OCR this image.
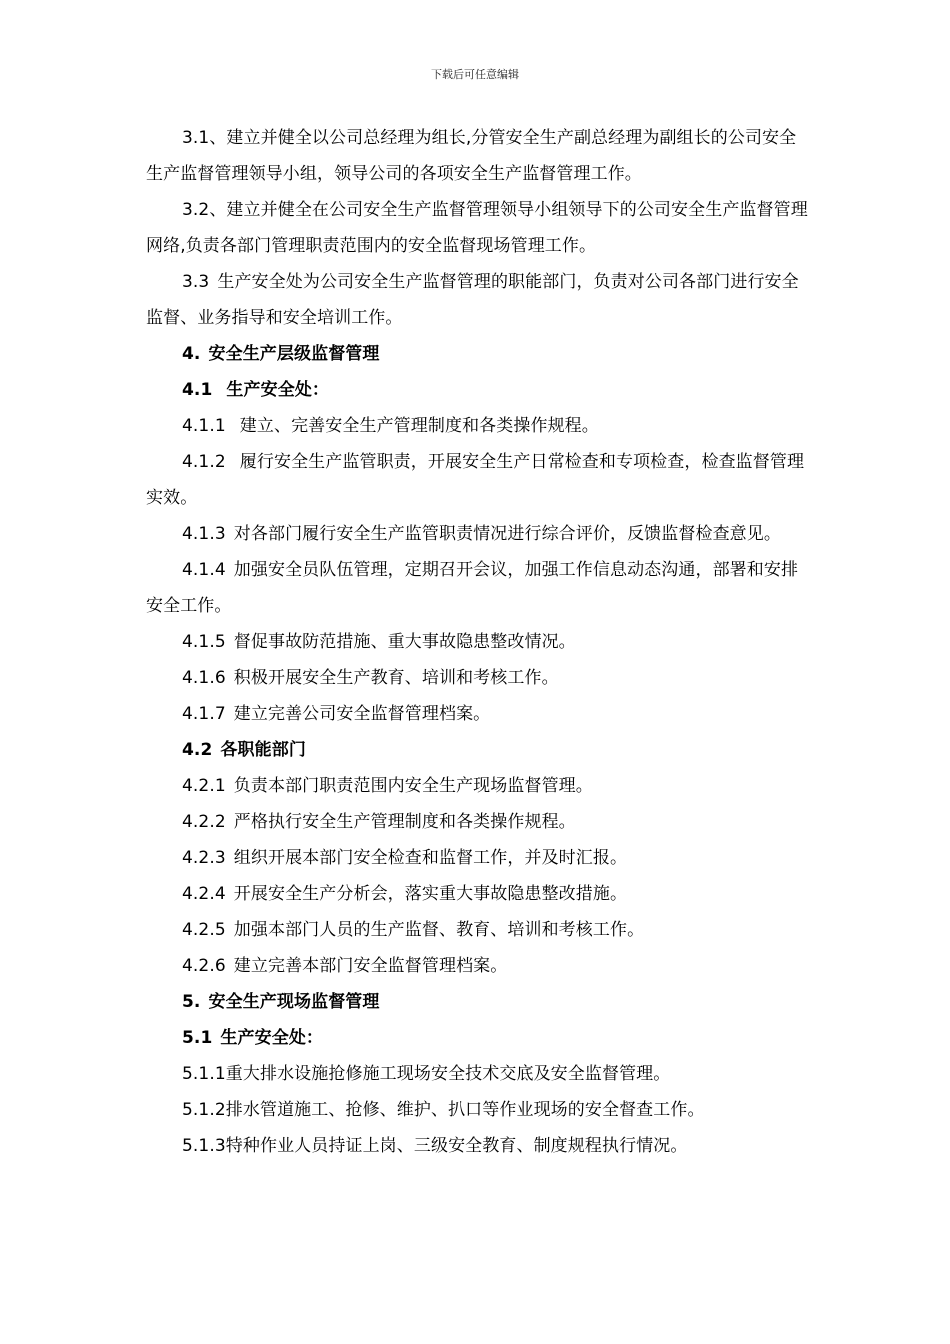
下载后可任意编辑

3.1、建立并健全以公司总经理为组长,分管安全生产副总经理为副组长的公司安全生产监督管理领导小组，领导公司的各项安全生产监督管理工作。

3.2、建立并健全在公司安全生产监督管理领导小组领导下的公司安全生产监督管理网络,负责各部门管理职责范围内的安全监督现场管理工作。

3.3 生产安全处为公司安全生产监督管理的职能部门，负责对公司各部门进行安全监督、业务指导和安全培训工作。

4. 安全生产层级监督管理

4.1 生产安全处：

4.1.1 建立、完善安全生产管理制度和各类操作规程。

4.1.2 履行安全生产监管职责，开展安全生产日常检查和专项检查，检查监督管理实效。

4.1.3 对各部门履行安全生产监管职责情况进行综合评价，反馈监督检查意见。

4.1.4 加强安全员队伍管理，定期召开会议，加强工作信息动态沟通，部署和安排安全工作。

4.1.5 督促事故防范措施、重大事故隐患整改情况。

4.1.6 积极开展安全生产教育、培训和考核工作。

4.1.7 建立完善公司安全监督管理档案。

4.2 各职能部门

4.2.1 负责本部门职责范围内安全生产现场监督管理。

4.2.2 严格执行安全生产管理制度和各类操作规程。

4.2.3 组织开展本部门安全检查和监督工作，并及时汇报。

4.2.4 开展安全生产分析会，落实重大事故隐患整改措施。

4.2.5 加强本部门人员的生产监督、教育、培训和考核工作。

4.2.6 建立完善本部门安全监督管理档案。

5. 安全生产现场监督管理

5.1 生产安全处：

5.1.1重大排水设施抢修施工现场安全技术交底及安全监督管理。

5.1.2排水管道施工、抢修、维护、扒口等作业现场的安全督查工作。

5.1.3特种作业人员持证上岗、三级安全教育、制度规程执行情况。
